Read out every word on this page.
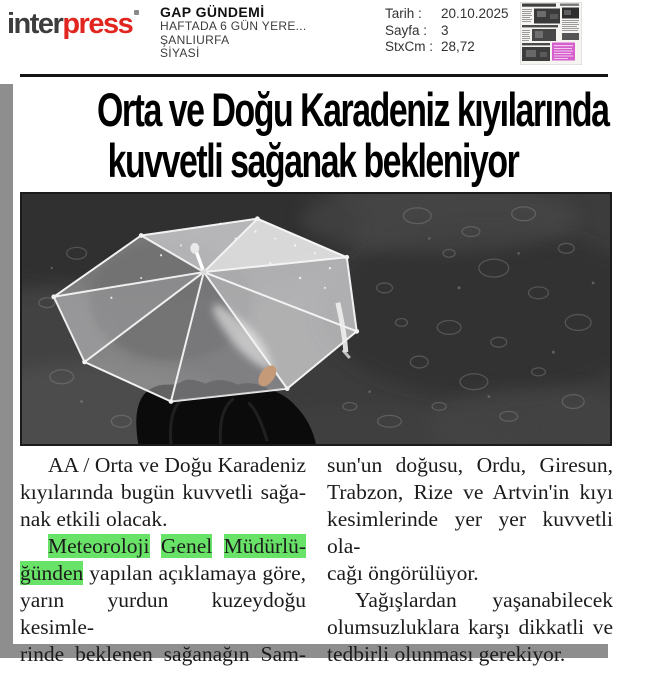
interpress	GAP GÜNDEMİ
HAFTADA 6 GÜN YERE...
ŞANLIURFA
SİYASİ
Tarih : 20.10.2025
Sayfa : 3
StxCm : 28,72
Orta ve Doğu Karadeniz kıyılarında
kuvvetli sağanak bekleniyor
AA / Orta ve Doğu Karadeniz
kıyılarında bugün kuvvetli sağa-
nak etkili olacak.
Meteoroloji Genel Müdürlü-
ğünden yapılan açıklamaya göre,
yarın yurdun kuzeydoğu kesimle-
rinde beklenen sağanağın Sam-
sun'un doğusu, Ordu, Giresun,
Trabzon, Rize ve Artvin'in kıyı
kesimlerinde yer yer kuvvetli ola-
cağı öngörülüyor.
Yağışlardan yaşanabilecek
olumsuzluklara karşı dikkatli ve
tedbirli olunması gerekiyor.
